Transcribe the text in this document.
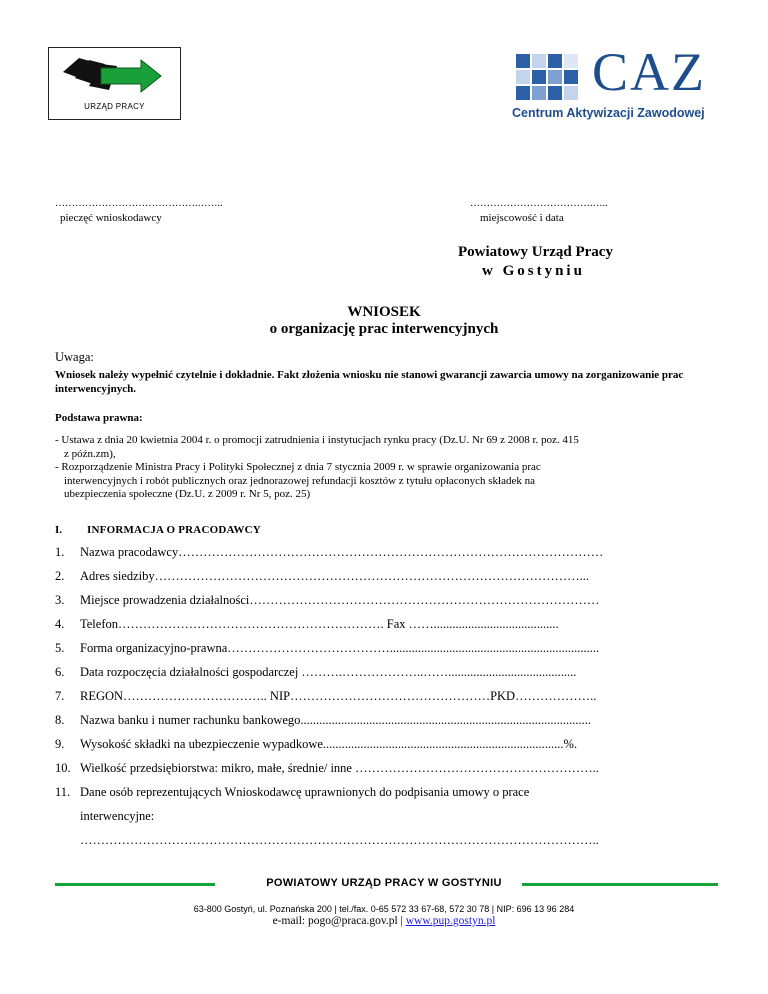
URZĄD PRACY
CAZ
Centrum Aktywizacji Zawodowej
…………………………………….……..
pieczęć wnioskodawcy
……………………………….…..
miejscowość i data
Powiatowy Urząd Pracy
w Gostyniu
WNIOSEK
o organizację prac interwencyjnych
Uwaga:
Wniosek należy wypełnić czytelnie i dokładnie. Fakt złożenia wniosku nie stanowi gwarancji zawarcia umowy na zorganizowanie prac interwencyjnych.
Podstawa prawna:

- Ustawa z dnia 20 kwietnia 2004 r. o promocji zatrudnienia i instytucjach rynku pracy (Dz.U. Nr 69 z 2008 r. poz. 415

z późn.zm),

- Rozporządzenie Ministra Pracy i Polityki Społecznej z dnia 7 stycznia 2009 r. w sprawie organizowania prac

interwencyjnych i robót publicznych oraz jednorazowej refundacji kosztów z tytułu opłaconych składek na

ubezpieczenia społeczne (Dz.U. z 2009 r. Nr 5, poz. 25)

I. INFORMACJA O PRACODAWCY
1. Nazwa pracodawcy…………………………………………………………………………………………
2. Adres siedziby…………………………………………………………………………………………...
3. Miejsce prowadzenia działalności…………………………………………………………………………
4. Telefon………………………………………………………. Fax ……........................................
5. Forma organizacyjno-prawna…………………………………...................................................................
6. Data rozpoczęcia działalności gospodarczej ……….………………..…….........................................
7. REGON…………………………….. NIP…………………………………………PKD………………..
8. Nazwa banku i numer rachunku bankowego.............................................................................................
9. Wysokość składki na ubezpieczenie wypadkowe.............................................................................%.
10. Wielkość przedsiębiorstwa: mikro, małe, średnie/ inne …………………………………………………..
11. Dane osób reprezentujących Wnioskodawcę uprawnionych do podpisania umowy o prace
interwencyjne:
……………………………………………………………………………………………………………..
POWIATOWY URZĄD PRACY W GOSTYNIU
63-800 Gostyń, ul. Poznańska 200 | tel./fax. 0-65 572 33 67-68, 572 30 78 | NIP: 696 13 96 284
e-mail: pogo@praca.gov.pl | www.pup.gostyn.pl
